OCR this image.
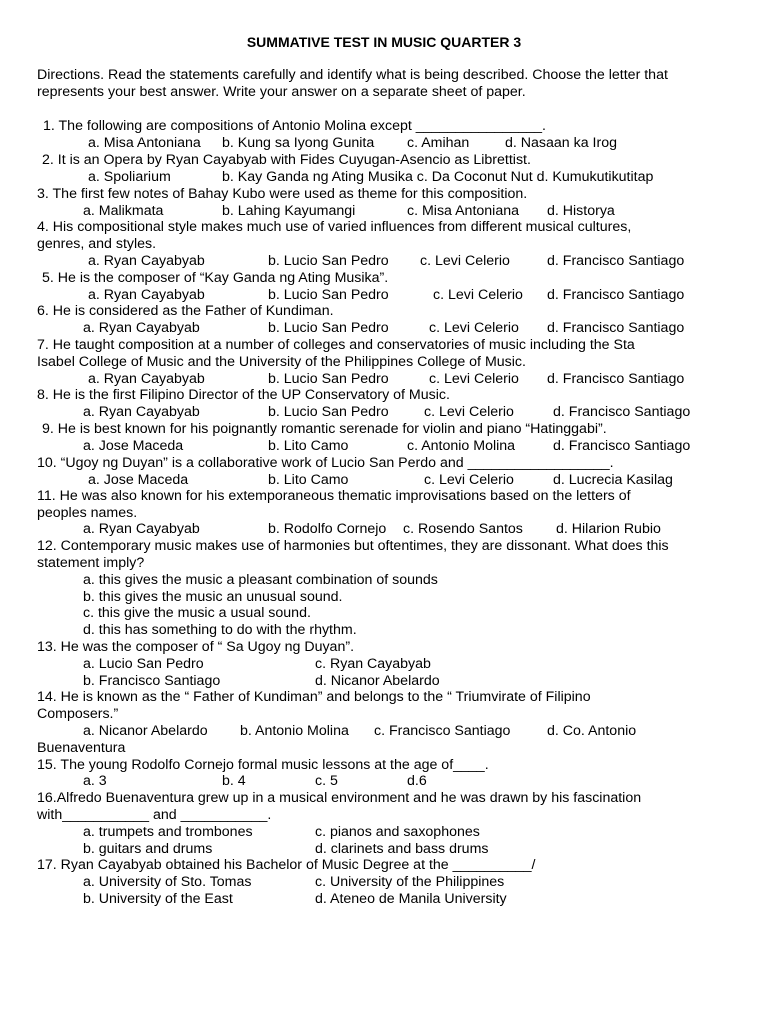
SUMMATIVE TEST IN MUSIC QUARTER 3
Directions. Read the statements carefully and identify what is being described. Choose the letter that represents your best answer. Write your answer on a separate sheet of paper.
1. The following are compositions of Antonio Molina except ________________.
a. Misa Antoniana b. Kung sa Iyong Gunita c. Amihan	d. Nasaan ka Irog
2. It is an Opera by Ryan Cayabyab with Fides Cuyugan-Asencio as Librettist.
a. Spoliarium	b. Kay Ganda ng Ating Musika c. Da Coconut Nut d. Kumukutikutitap
3. The first few notes of Bahay Kubo were used as theme for this composition.
a. Malikmata	b. Lahing Kayumangi	c. Misa Antoniana d. Historya
4. His compositional style makes much use of varied influences from different musical cultures,
genres, and styles.
a. Ryan Cayabyab	b. Lucio San Pedro c. Levi Celerio	d. Francisco Santiago
5. He is the composer of “Kay Ganda ng Ating Musika”.
a. Ryan Cayabyab	b. Lucio San Pedro	c. Levi Celerio d. Francisco Santiago
6. He is considered as the Father of Kundiman.
a. Ryan Cayabyab	b. Lucio San Pedro	c. Levi Celerio d. Francisco Santiago
7. He taught composition at a number of colleges and conservatories of music including the Sta
Isabel College of Music and the University of the Philippines College of Music.
a. Ryan Cayabyab	b. Lucio San Pedro	c. Levi Celerio d. Francisco Santiago
8. He is the first Filipino Director of the UP Conservatory of Music.
a. Ryan Cayabyab	b. Lucio San Pedro c. Levi Celerio	d. Francisco Santiago
9. He is best known for his poignantly romantic serenade for violin and piano “Hatinggabi”.
a. Jose Maceda	b. Lito Camo	c. Antonio Molina	d. Francisco Santiago
10. “Ugoy ng Duyan” is a collaborative work of Lucio San Perdo and __________________.
a. Jose Maceda	b. Lito Camo	c. Levi Celerio	d. Lucrecia Kasilag
11. He was also known for his extemporaneous thematic improvisations based on the letters of
peoples names.
a. Ryan Cayabyab	b. Rodolfo Cornejo c. Rosendo Santos d. Hilarion Rubio
12. Contemporary music makes use of harmonies but oftentimes, they are dissonant. What does this
statement imply?
a. this gives the music a pleasant combination of sounds
b. this gives the music an unusual sound.
c. this give the music a usual sound.
d. this has something to do with the rhythm.
13. He was the composer of “ Sa Ugoy ng Duyan”.
a. Lucio San Pedro	c. Ryan Cayabyab
b. Francisco Santiago	d. Nicanor Abelardo
14. He is known as the “ Father of Kundiman” and belongs to the “ Triumvirate of Filipino
Composers.”
a. Nicanor Abelardo b. Antonio Molina c. Francisco Santiago	d. Co. Antonio
Buenaventura
15. The young Rodolfo Cornejo formal music lessons at the age of____.
a. 3	b. 4	c. 5	d.6
16.Alfredo Buenaventura grew up in a musical environment and he was drawn by his fascination
with___________ and ___________.
a. trumpets and trombones	c. pianos and saxophones
b. guitars and drums	d. clarinets and bass drums
17. Ryan Cayabyab obtained his Bachelor of Music Degree at the __________/
a. University of Sto. Tomas	c. University of the Philippines
b. University of the East	d. Ateneo de Manila University
